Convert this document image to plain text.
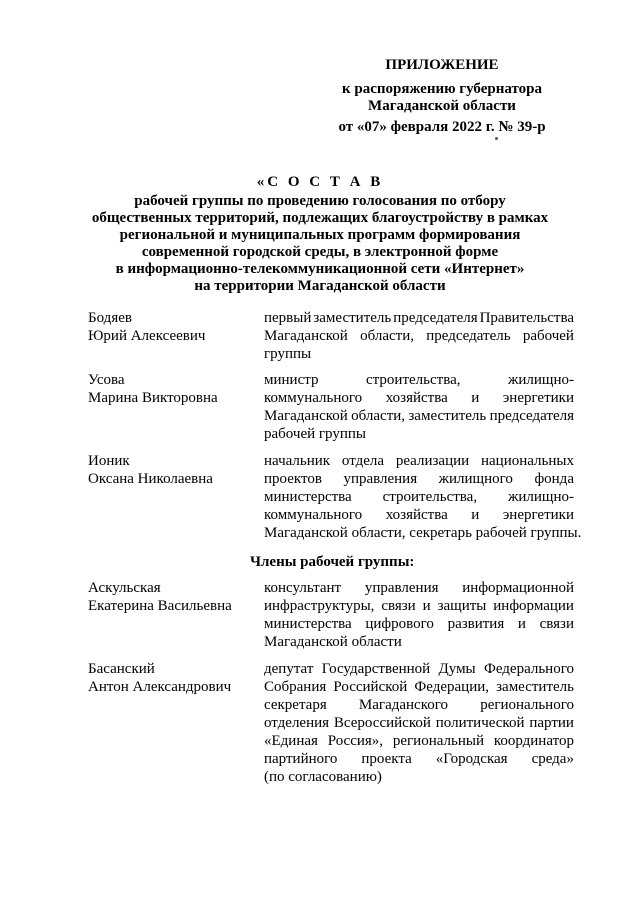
ПРИЛОЖЕНИЕ
к распоряжению губернатора
Магаданской области
от «07» февраля 2022 г. № 39-р
«С О С Т А В
рабочей группы по проведению голосования по отбору
общественных территорий, подлежащих благоустройству в рамках
региональной и муниципальных программ формирования
современной городской среды, в электронной форме
в информационно-телекоммуникационной сети «Интернет»
на территории Магаданской области
Бодяев
Юрий Алексеевич
первый заместитель председателя Правительства
Магаданской области, председатель рабочей
группы
Усова
Марина Викторовна
министр	строительства,	жилищно-
коммунального хозяйства и энергетики
Магаданской области, заместитель председателя
рабочей группы
Ионик
Оксана Николаевна
начальник отдела реализации национальных
проектов управления жилищного фонда
министерства строительства, жилищно-
коммунального хозяйства и энергетики
Магаданской области, секретарь рабочей группы.
Члены рабочей группы:
Аскульская
Екатерина Васильевна
консультант управления информационной
инфраструктуры, связи и защиты информации
министерства цифрового развития и связи
Магаданской области
Басанский
Антон Александрович
депутат Государственной Думы Федерального
Собрания Российской Федерации, заместитель
секретаря Магаданского регионального
отделения Всероссийской политической партии
«Единая Россия», региональный координатор
партийного проекта «Городская среда»
(по согласованию)
